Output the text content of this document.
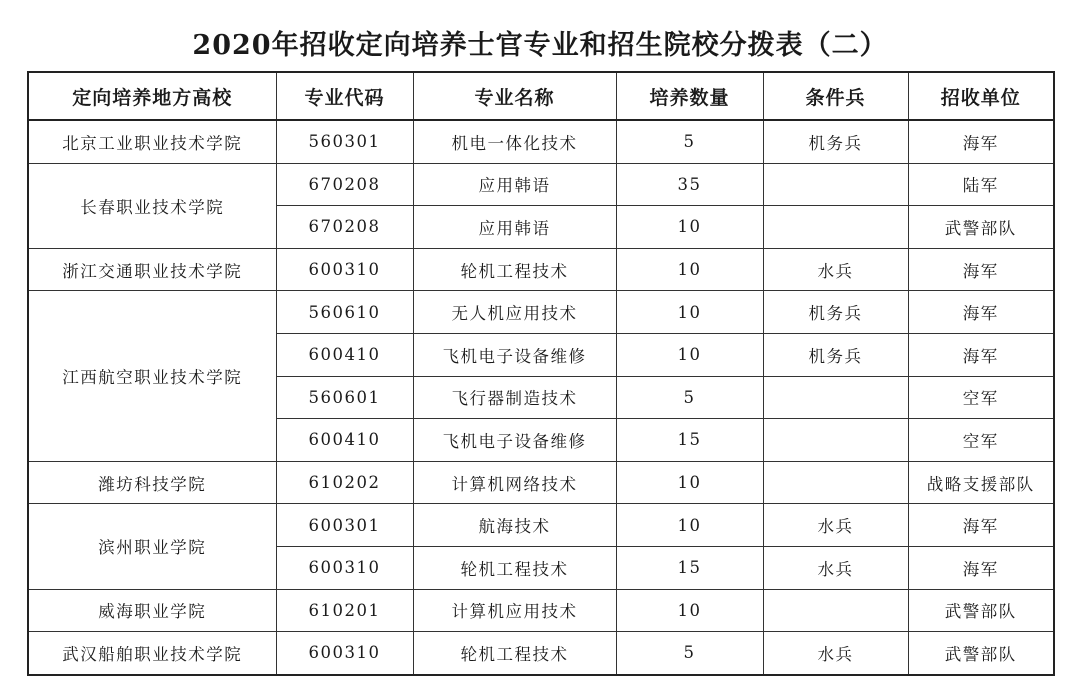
2020年招收定向培养士官专业和招生院校分拨表（二）
定向培养地方高校	专业代码	专业名称	培养数量	条件兵	招收单位
北京工业职业技术学院	560301	机电一体化技术	5	机务兵	海军
长春职业技术学院	670208	应用韩语	35		陆军
	670208	应用韩语	10		武警部队
浙江交通职业技术学院	600310	轮机工程技术	10	水兵	海军
江西航空职业技术学院	560610	无人机应用技术	10	机务兵	海军
	600410	飞机电子设备维修	10	机务兵	海军
	560601	飞行器制造技术	5		空军
	600410	飞机电子设备维修	15		空军
潍坊科技学院	610202	计算机网络技术	10		战略支援部队
滨州职业学院	600301	航海技术	10	水兵	海军
	600310	轮机工程技术	15	水兵	海军
威海职业学院	610201	计算机应用技术	10		武警部队
武汉船舶职业技术学院	600310	轮机工程技术	5	水兵	武警部队
